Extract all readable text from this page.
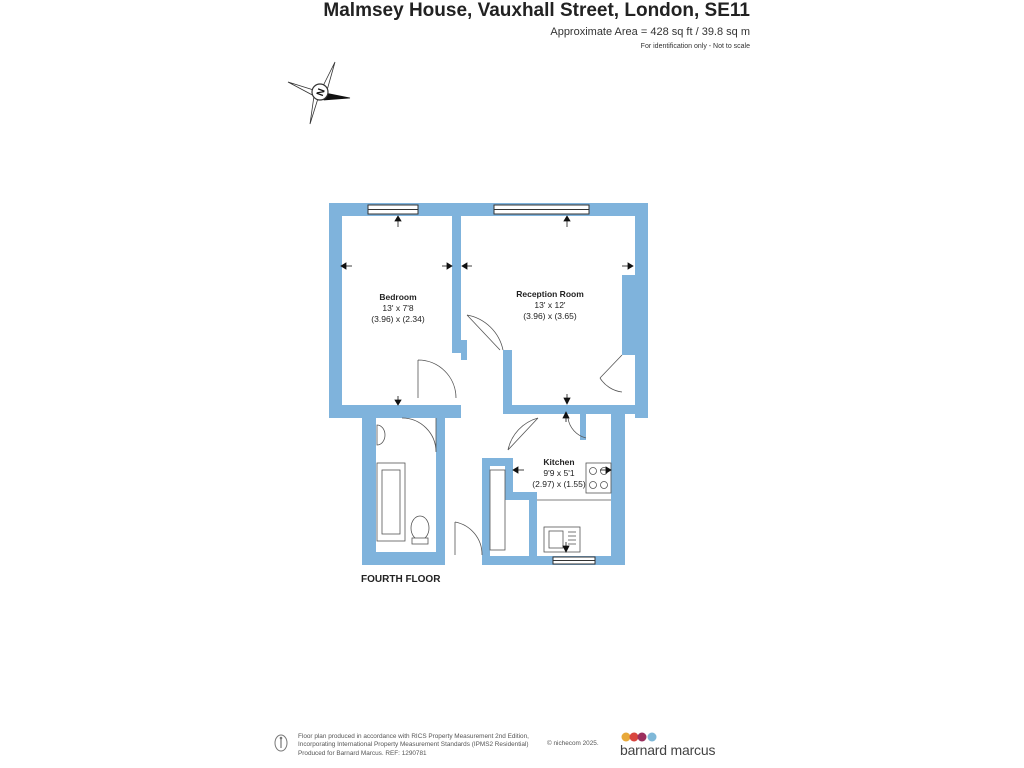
Malmsey House, Vauxhall Street, London, SE11
Approximate Area = 428 sq ft / 39.8 sq m
For identification only - Not to scale
N
Bedroom
13' x 7'8
(3.96) x (2.34)
Reception Room
13' x 12'
(3.96) x (3.65)
Kitchen
9'9 x 5'1
(2.97) x (1.55)
FOURTH FLOOR
Floor plan produced in accordance with RICS Property Measurement 2nd Edition,
Incorporating International Property Measurement Standards (IPMS2 Residential)
Produced for Barnard Marcus. REF: 1290781
© nichecom 2025. barnard marcus
